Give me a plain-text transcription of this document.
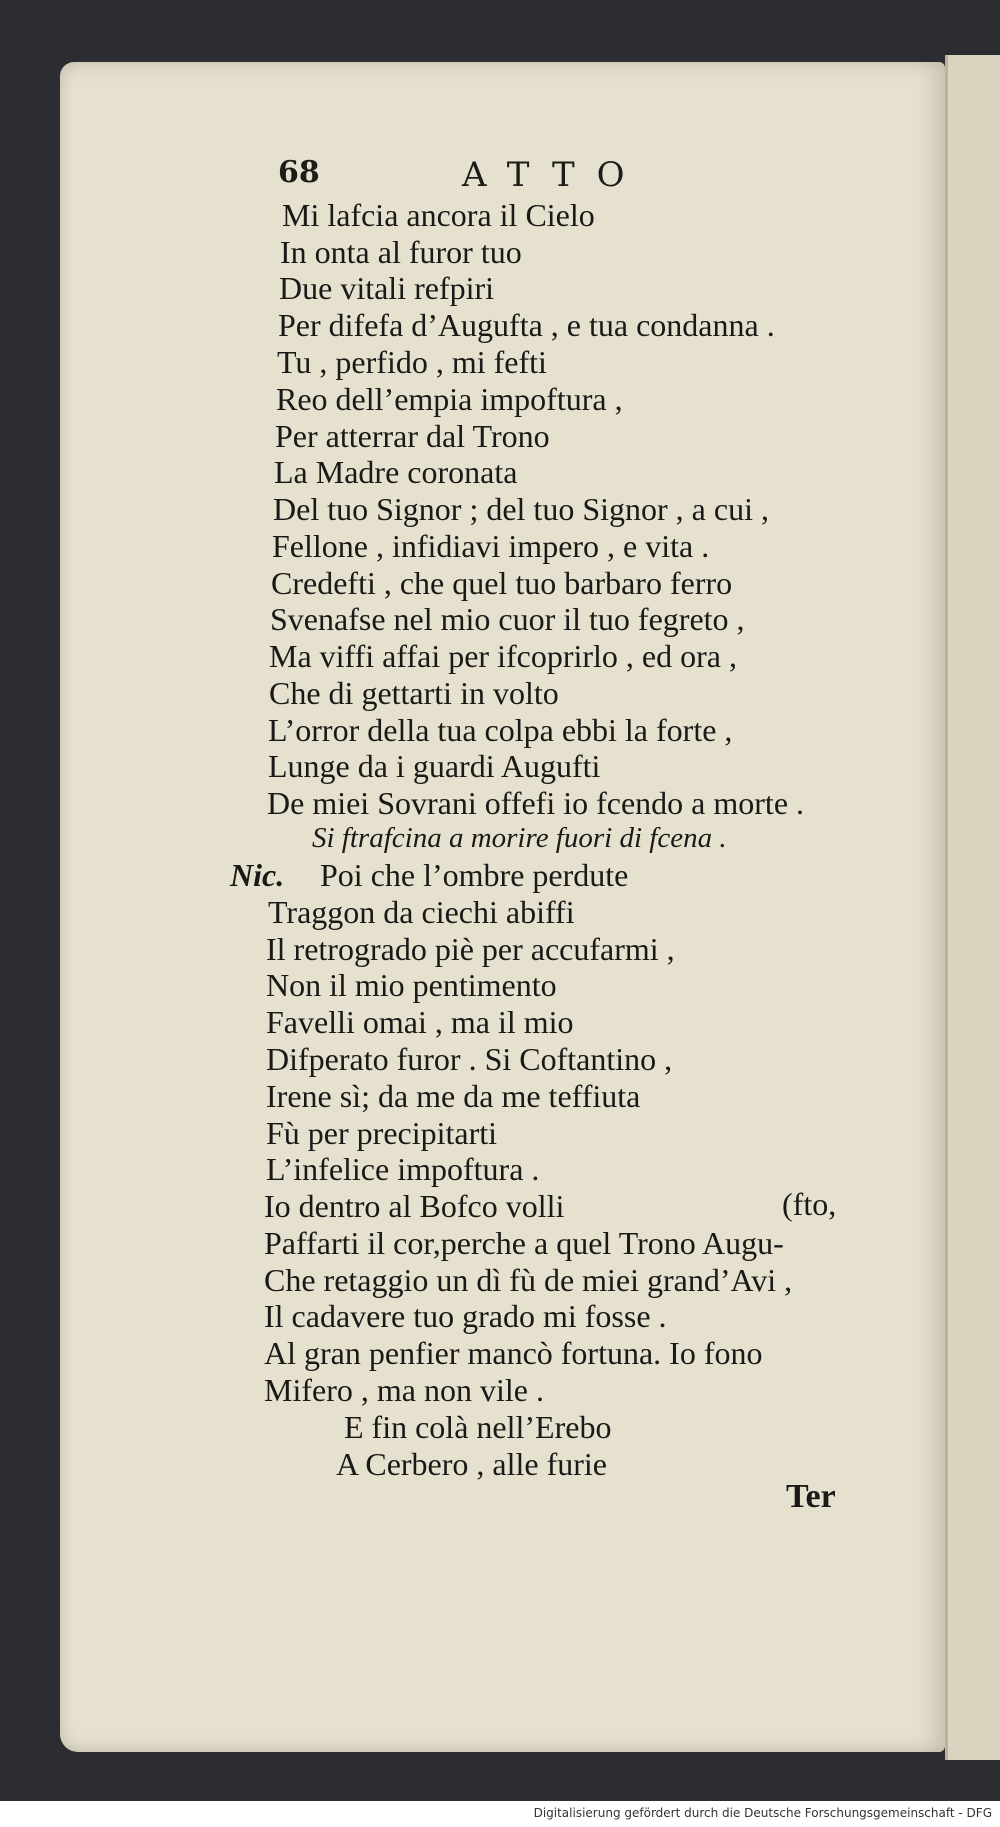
68	ATTO
Mi lafcia ancora il Cielo
In onta al furor tuo
Due vitali refpiri
Per difefa d’Augufta , e tua condanna .
Tu , perfido , mi fefti
Reo dell’empia impoftura ,
Per atterrar dal Trono
La Madre coronata
Del tuo Signor ; del tuo Signor , a cui ,
Fellone , infidiavi impero , e vita .
Credefti , che quel tuo barbaro ferro
Svenafse nel mio cuor il tuo fegreto ,
Ma viffi affai per ifcoprirlo , ed ora ,
Che di gettarti in volto
L’orror della tua colpa ebbi la forte ,
Lunge da i guardi Augufti
De miei Sovrani offefi io fcendo a morte .
Si ftrafcina a morire fuori di fcena .
Nic. Poi che l’ombre perdute
Traggon da ciechi abiffi
Il retrogrado piè per accufarmi ,
Non il mio pentimento
Favelli omai , ma il mio
Difperato furor . Si Coftantino ,
Irene sì; da me da me teffiuta
Fù per precipitarti
L’infelice impoftura .
Io dentro al Bofco volli	(fto,
Paffarti il cor,perche a quel Trono Augu-
Che retaggio un dì fù de miei grand’Avi ,
Il cadavere tuo grado mi fosse .
Al gran penfier mancò fortuna. Io fono
Mifero , ma non vile .
E fin colà nell’Erebo
A Cerbero , alle furie
Ter
Digitalisierung gefördert durch die Deutsche Forschungsgemeinschaft - DFG
